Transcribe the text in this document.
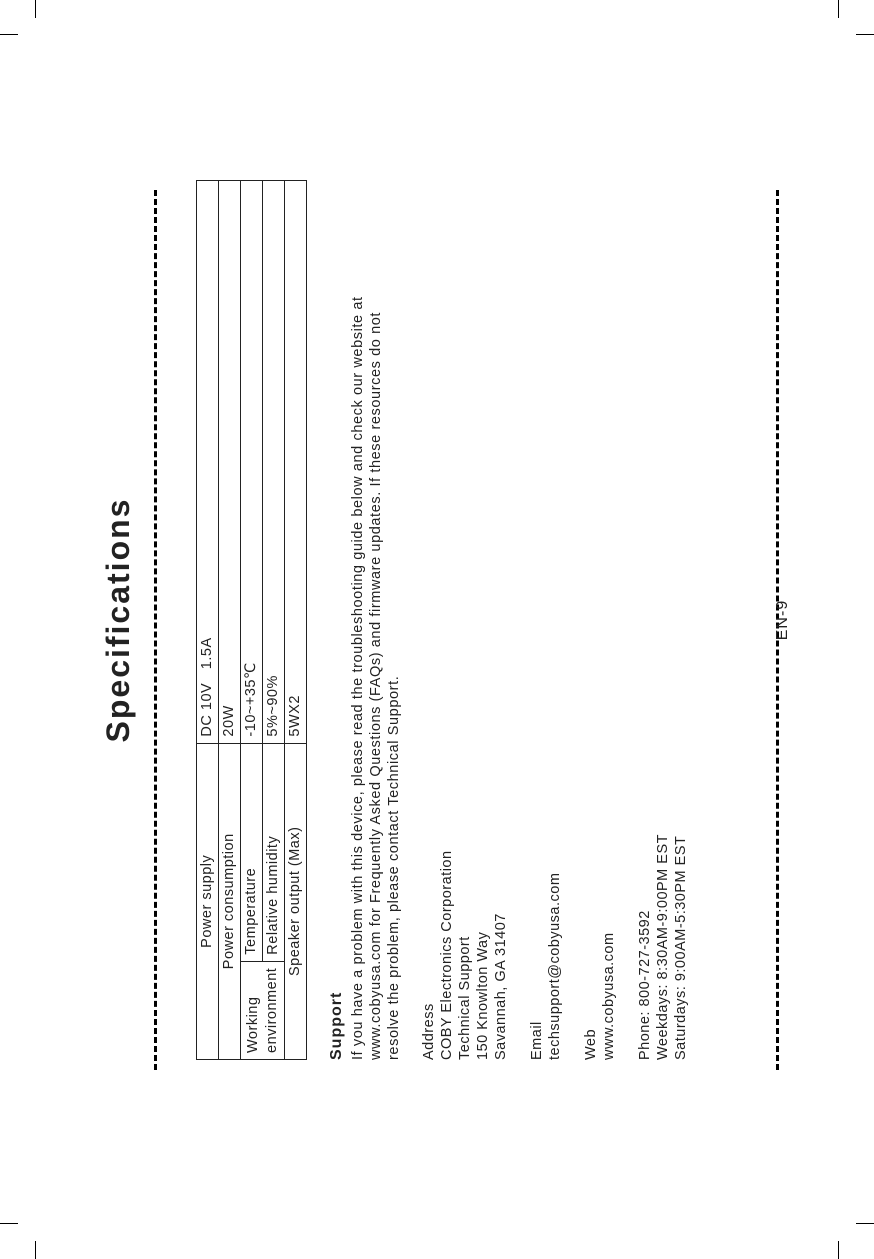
Specifications
Power supply		DC 10V   1.5A
Power consumption		20W

Working environment	Temperature	-10~+35℃
	Relative humidity	5%~90%
Speaker output (Max)		5WX2
Support If you have a problem with this device, please read the troubleshooting guide below and check our website at www.cobyusa.com for Frequently Asked Questions (FAQs) and firmware updates. If these resources do not resolve the problem, please contact Technical Support. Address COBY Electronics Corporation Technical Support 150 Knowlton Way Savannah, GA 31407 Email techsupport@cobyusa.com Web www.cobyusa.com Phone: 800-727-3592 Weekdays: 8:30AM-9:00PM EST Saturdays: 9:00AM-5:30PM EST
EN-9
